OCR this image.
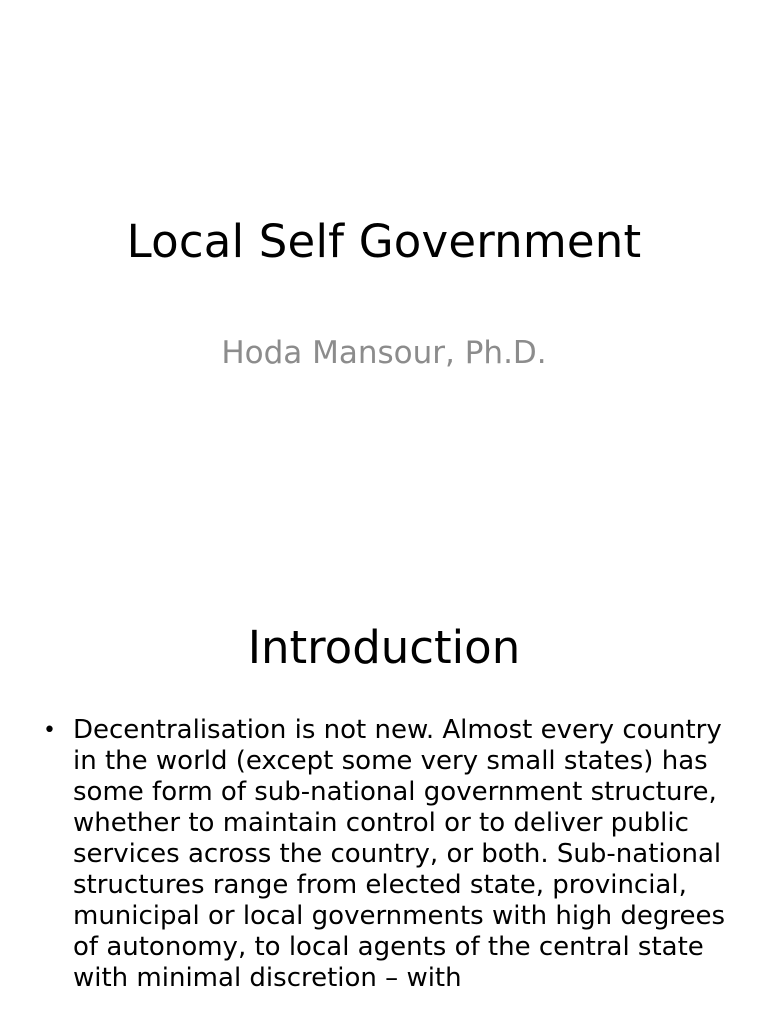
Local Self Government
Hoda Mansour, Ph.D.
Introduction
• Decentralisation is not new. Almost every country in the world (except some very small states) has some form of sub-national government structure, whether to maintain control or to deliver public services across the country, or both. Sub-national structures range from elected state, provincial, municipal or local governments with high degrees of autonomy, to local agents of the central state with minimal discretion – with
